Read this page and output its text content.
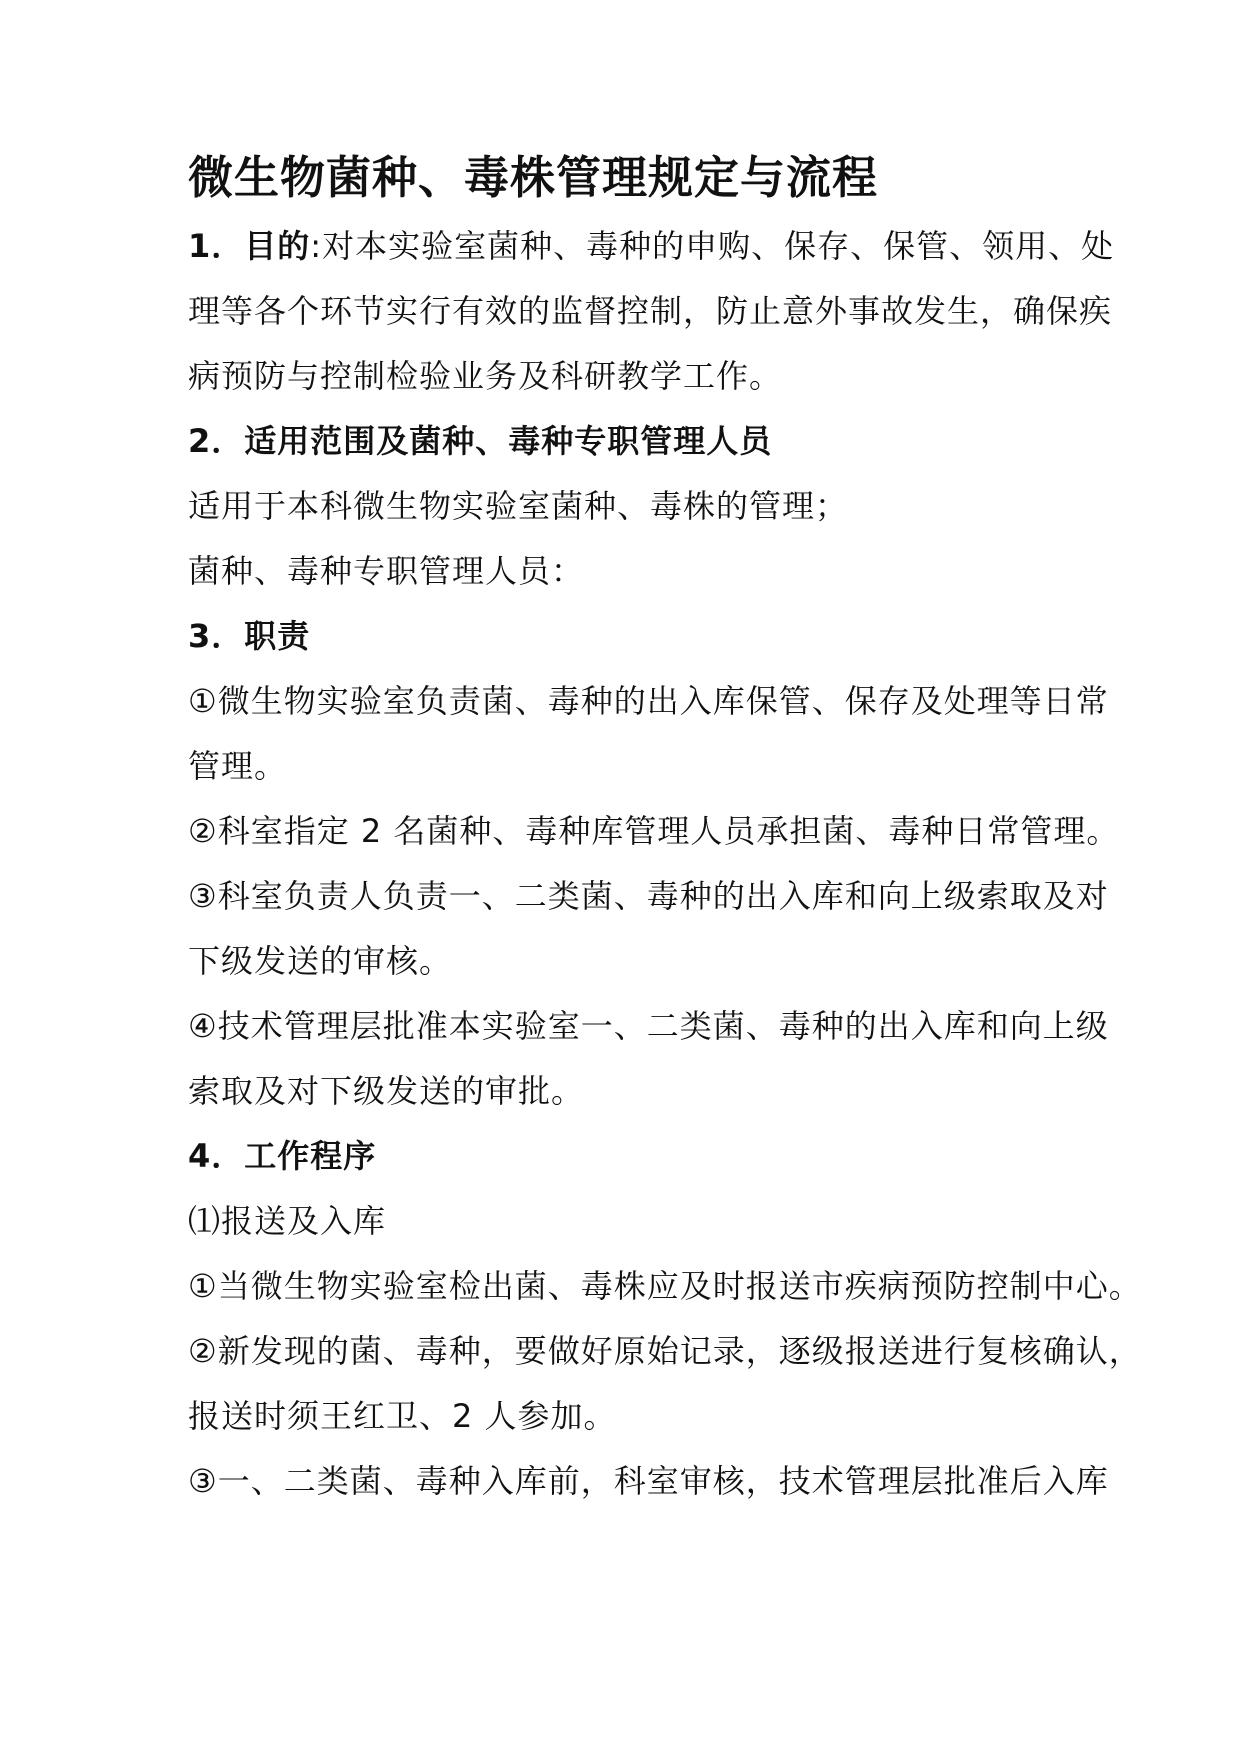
微生物菌种、毒株管理规定与流程
1．目的:对本实验室菌种、毒种的申购、保存、保管、领用、处
理等各个环节实行有效的监督控制，防止意外事故发生，确保疾
病预防与控制检验业务及科研教学工作。
2．适用范围及菌种、毒种专职管理人员
适用于本科微生物实验室菌种、毒株的管理；
菌种、毒种专职管理人员：
3．职责
①微生物实验室负责菌、毒种的出入库保管、保存及处理等日常
管理。
②科室指定 2 名菌种、毒种库管理人员承担菌、毒种日常管理。
③科室负责人负责一、二类菌、毒种的出入库和向上级索取及对
下级发送的审核。
④技术管理层批准本实验室一、二类菌、毒种的出入库和向上级
索取及对下级发送的审批。
4．工作程序
⑴报送及入库
①当微生物实验室检出菌、毒株应及时报送市疾病预防控制中心。
②新发现的菌、毒种，要做好原始记录，逐级报送进行复核确认，
报送时须王红卫、2 人参加。
③一、二类菌、毒种入库前，科室审核，技术管理层批准后入库
